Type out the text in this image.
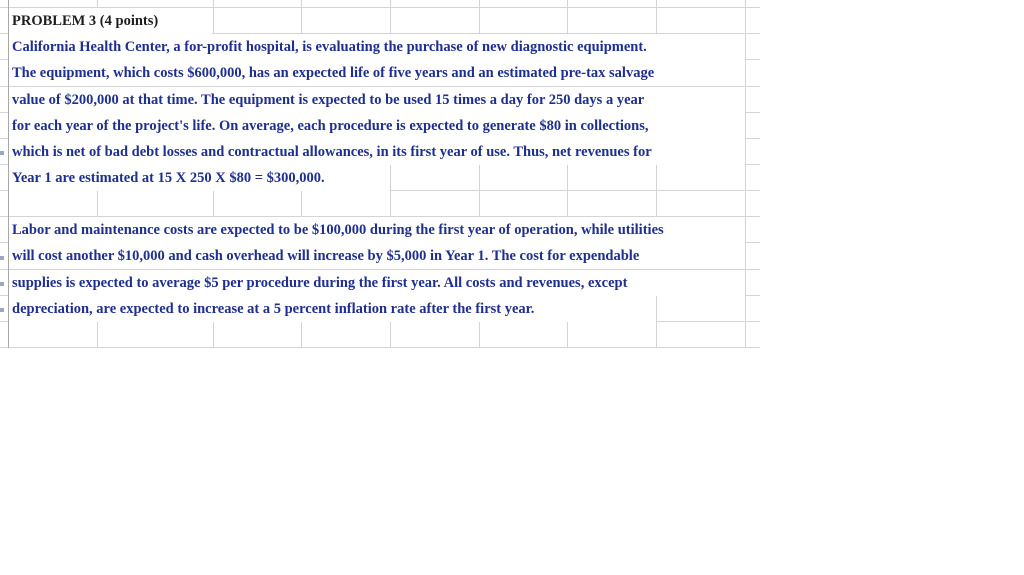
PROBLEM 3 (4 points)
California Health Center, a for-profit hospital, is evaluating the purchase of new diagnostic equipment.
The equipment, which costs $600,000, has an expected life of five years and an estimated pre-tax salvage
value of $200,000 at that time. The equipment is expected to be used 15 times a day for 250 days a year
for each year of the project's life. On average, each procedure is expected to generate $80 in collections,
which is net of bad debt losses and contractual allowances, in its first year of use. Thus, net revenues for
Year 1 are estimated at 15 X 250 X $80 = $300,000.
Labor and maintenance costs are expected to be $100,000 during the first year of operation, while utilities
will cost another $10,000 and cash overhead will increase by $5,000 in Year 1. The cost for expendable
supplies is expected to average $5 per procedure during the first year. All costs and revenues, except
depreciation, are expected to increase at a 5 percent inflation rate after the first year.
